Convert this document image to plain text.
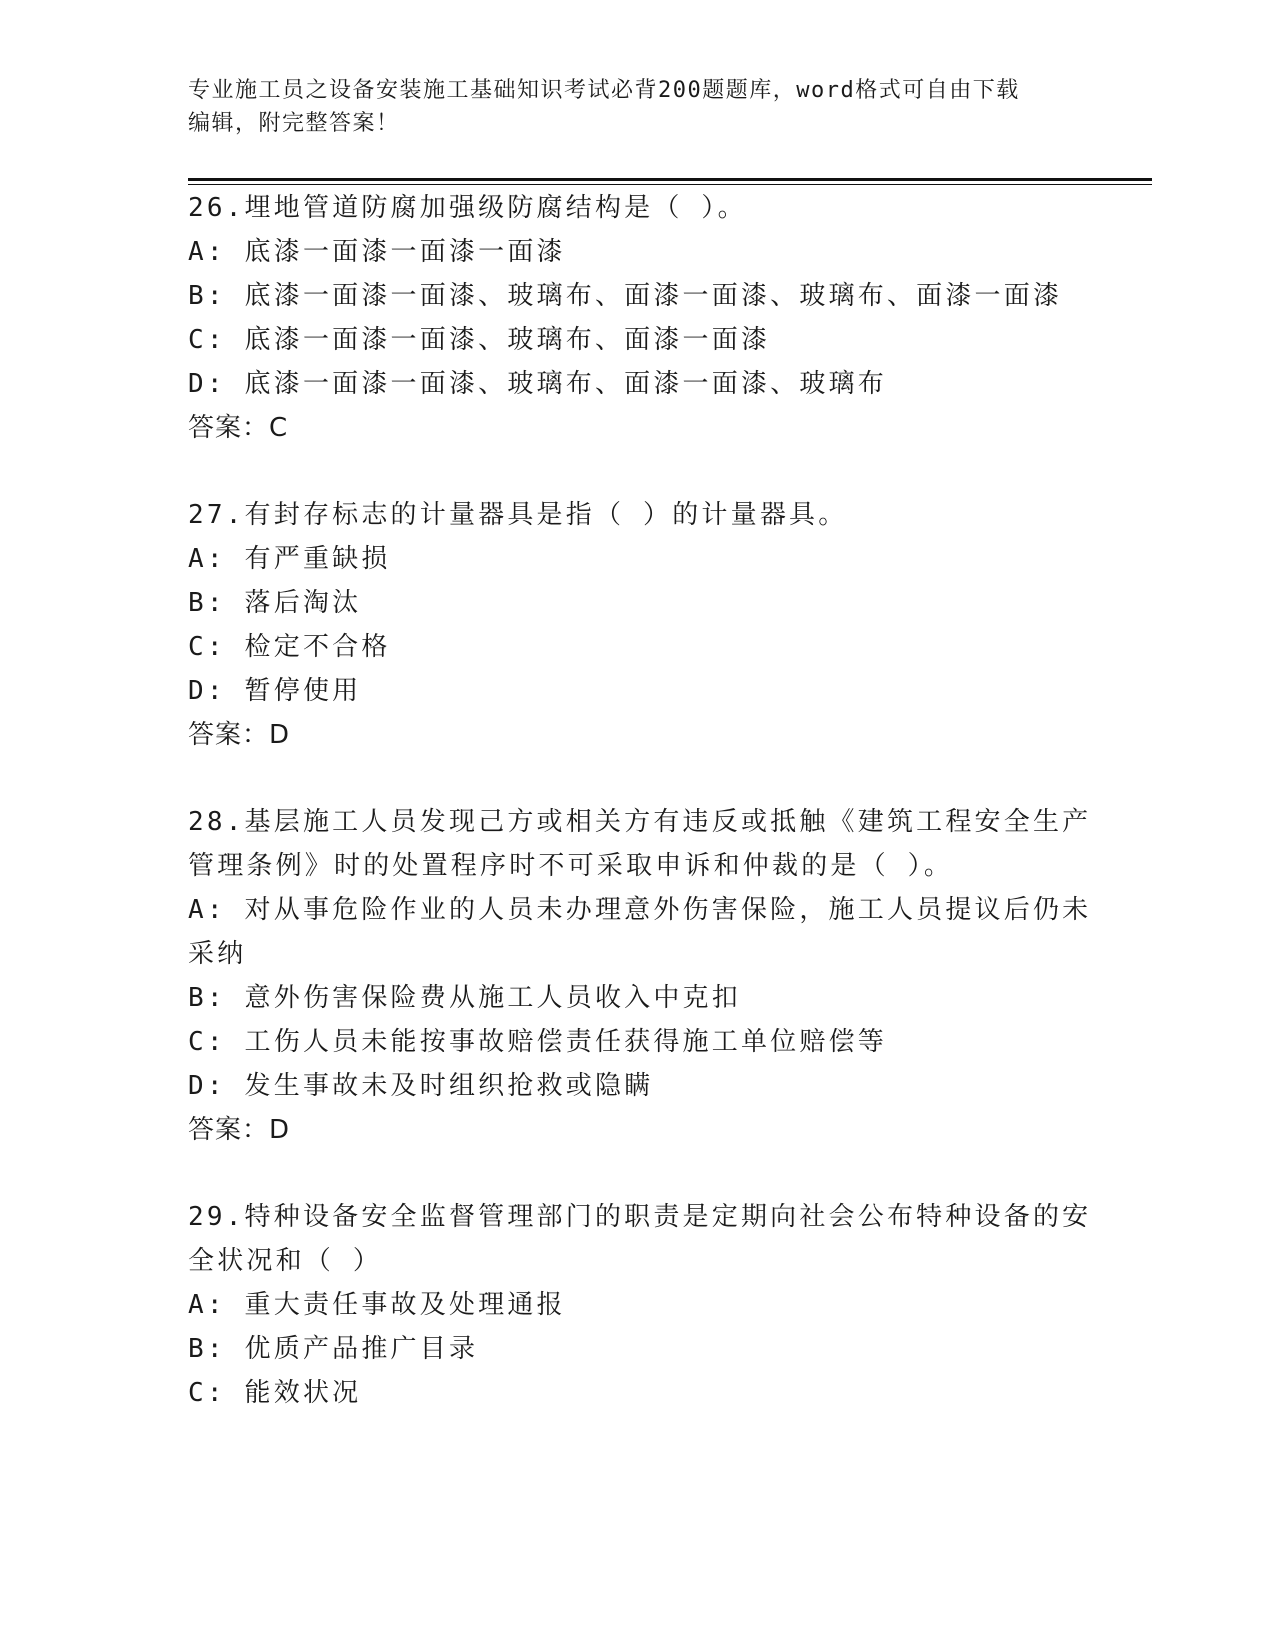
专业施工员之设备安装施工基础知识考试必背200题题库，word格式可自由下载
编辑，附完整答案！
26.埋地管道防腐加强级防腐结构是（ ）。
A: 底漆一面漆一面漆一面漆
B: 底漆一面漆一面漆、玻璃布、面漆一面漆、玻璃布、面漆一面漆
C: 底漆一面漆一面漆、玻璃布、面漆一面漆
D: 底漆一面漆一面漆、玻璃布、面漆一面漆、玻璃布
答案：C
27.有封存标志的计量器具是指（ ）的计量器具。
A: 有严重缺损
B: 落后淘汰
C: 检定不合格
D: 暂停使用
答案：D
28.基层施工人员发现己方或相关方有违反或抵触《建筑工程安全生产
管理条例》时的处置程序时不可采取申诉和仲裁的是（ ）。
A: 对从事危险作业的人员未办理意外伤害保险，施工人员提议后仍未
采纳
B: 意外伤害保险费从施工人员收入中克扣
C: 工伤人员未能按事故赔偿责任获得施工单位赔偿等
D: 发生事故未及时组织抢救或隐瞒
答案：D
29.特种设备安全监督管理部门的职责是定期向社会公布特种设备的安
全状况和（ ）
A: 重大责任事故及处理通报
B: 优质产品推广目录
C: 能效状况
